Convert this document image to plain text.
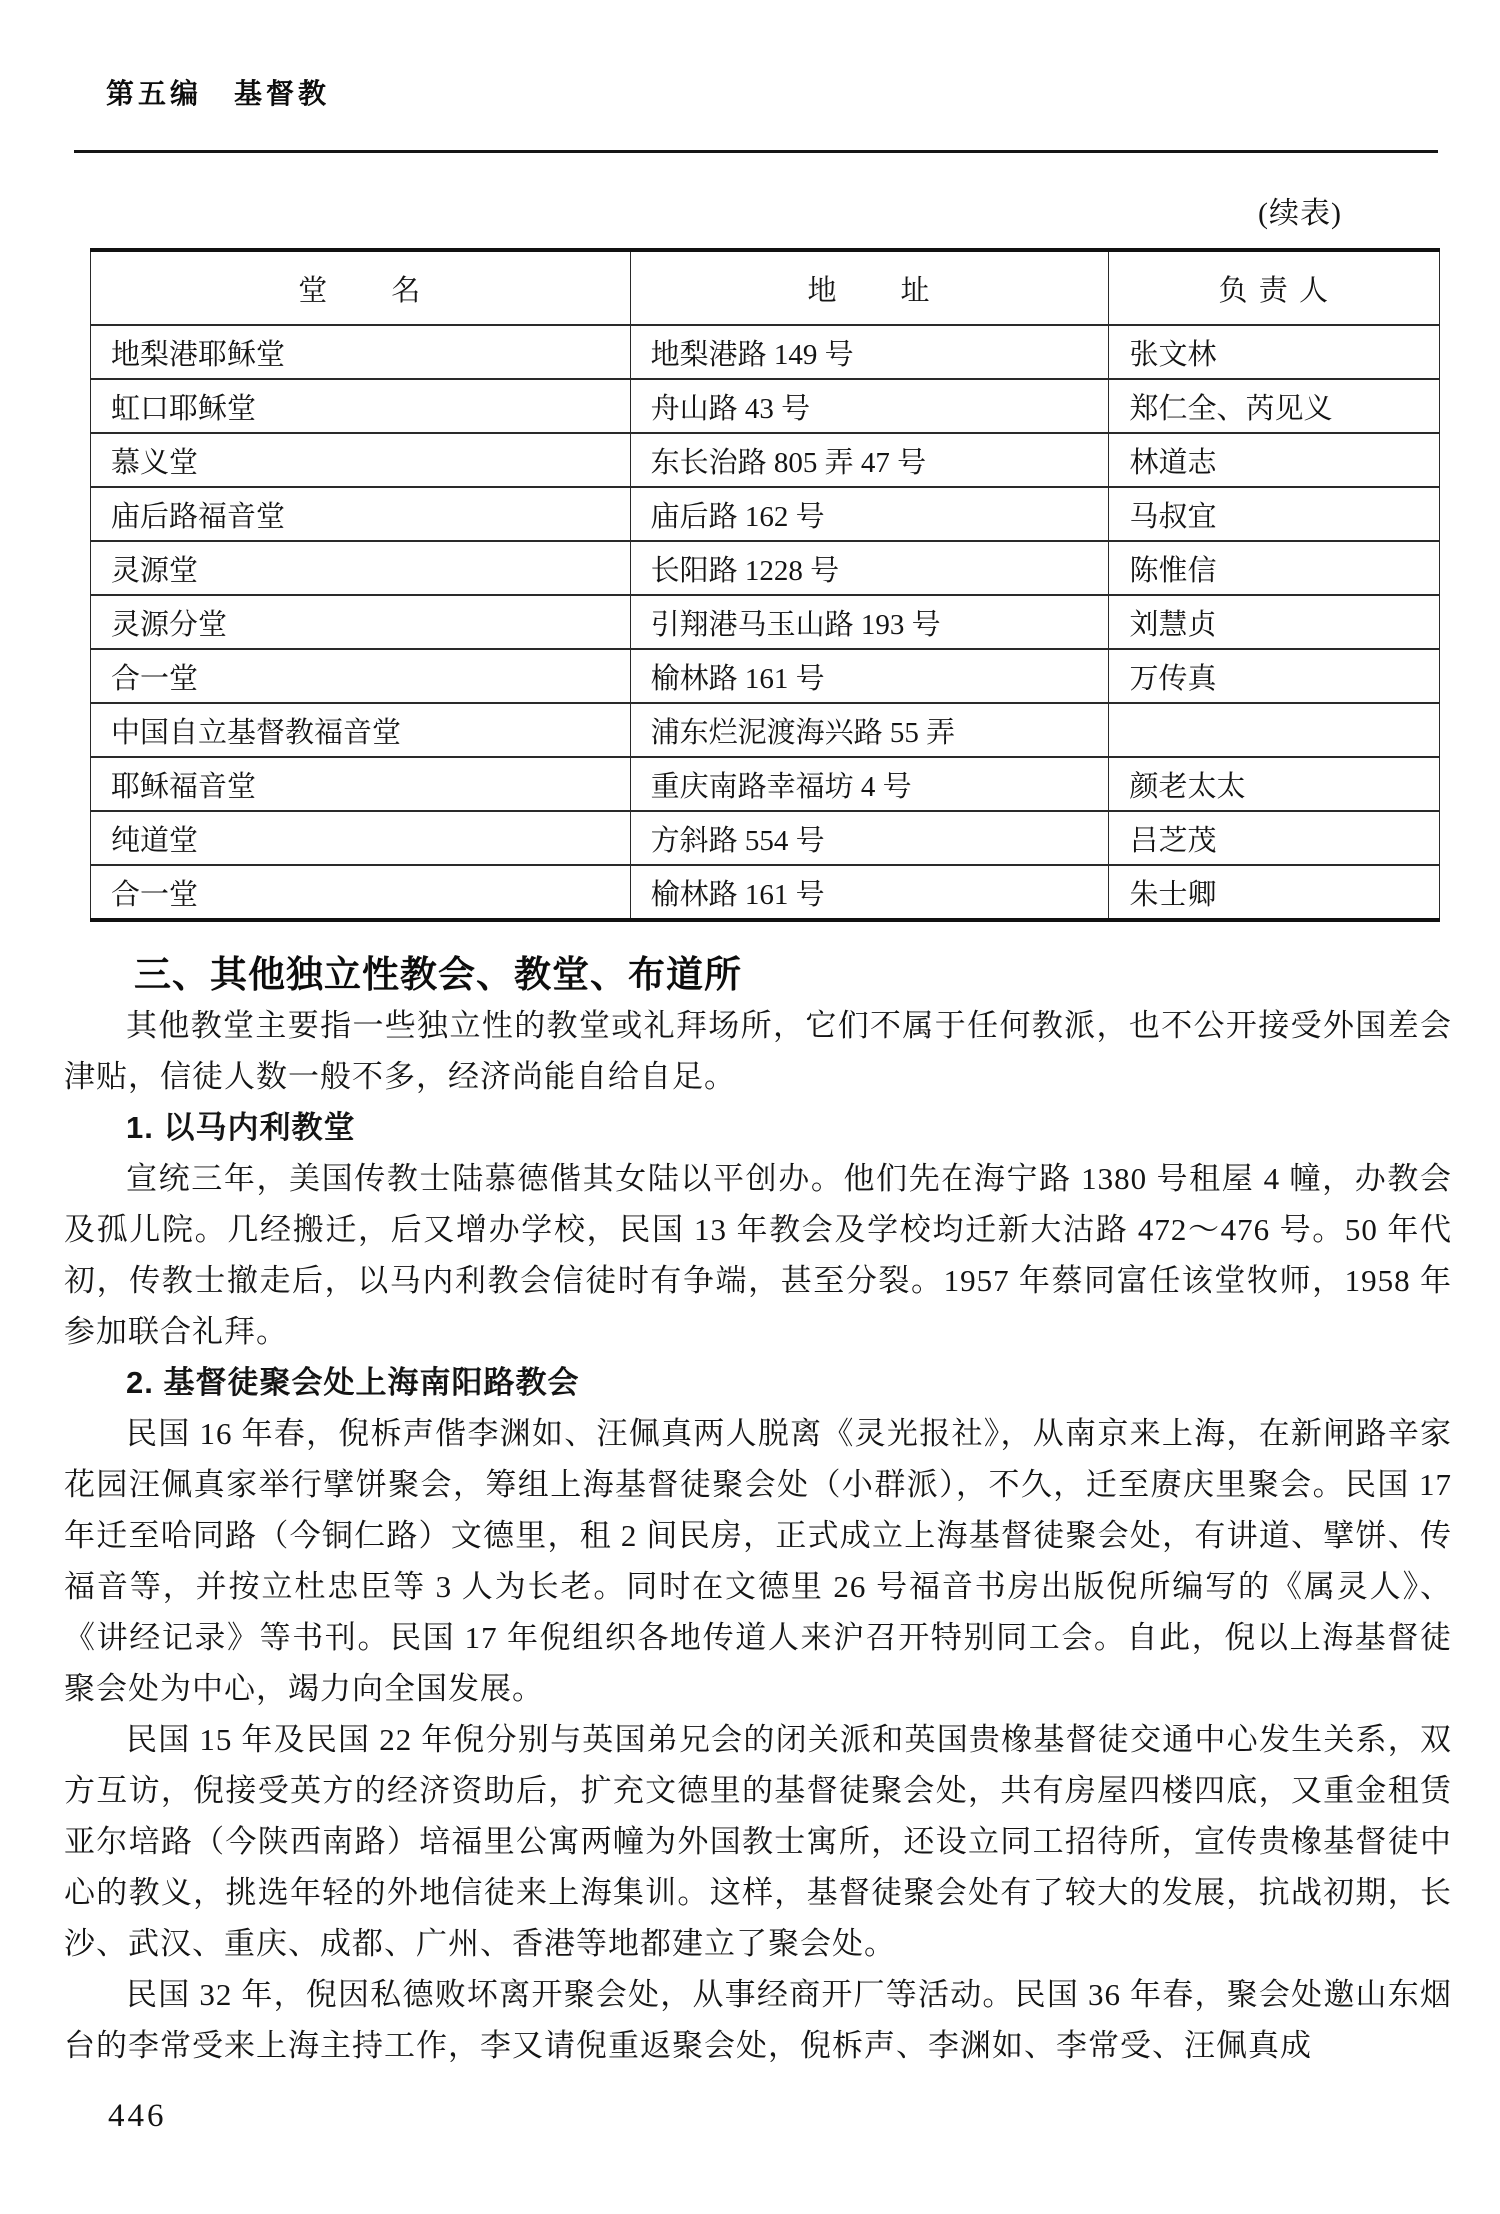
第五编　基督教
(续表)
堂　　名	地　　址	负 责 人
地梨港耶稣堂	地梨港路 149 号	张文林
虹口耶稣堂	舟山路 43 号	郑仁全、芮见义
慕义堂	东长治路 805 弄 47 号	林道志
庙后路福音堂	庙后路 162 号	马叔宜
灵源堂	长阳路 1228 号	陈惟信
灵源分堂	引翔港马玉山路 193 号	刘慧贞
合一堂	榆林路 161 号	万传真
中国自立基督教福音堂	浦东烂泥渡海兴路 55 弄	
耶稣福音堂	重庆南路幸福坊 4 号	颜老太太
纯道堂	方斜路 554 号	吕芝茂
合一堂	榆林路 161 号	朱士卿
三、其他独立性教会、教堂、布道所

其他教堂主要指一些独立性的教堂或礼拜场所，它们不属于任何教派，也不公开接受外国差会津贴，信徒人数一般不多，经济尚能自给自足。

1. 以马内利教堂

宣统三年，美国传教士陆慕德偕其女陆以平创办。他们先在海宁路 1380 号租屋 4 幢，办教会及孤儿院。几经搬迁，后又增办学校，民国 13 年教会及学校均迁新大沽路 472～476 号。50 年代初，传教士撤走后，以马内利教会信徒时有争端，甚至分裂。1957 年蔡同富任该堂牧师，1958 年参加联合礼拜。

2. 基督徒聚会处上海南阳路教会

民国 16 年春，倪柝声偕李渊如、汪佩真两人脱离《灵光报社》，从南京来上海，在新闸路辛家花园汪佩真家举行擘饼聚会，筹组上海基督徒聚会处（小群派），不久，迁至赓庆里聚会。民国 17 年迁至哈同路（今铜仁路）文德里，租 2 间民房，正式成立上海基督徒聚会处，有讲道、擘饼、传福音等，并按立杜忠臣等 3 人为长老。同时在文德里 26 号福音书房出版倪所编写的《属灵人》、《讲经记录》等书刊。民国 17 年倪组织各地传道人来沪召开特别同工会。自此，倪以上海基督徒聚会处为中心，竭力向全国发展。

民国 15 年及民国 22 年倪分别与英国弟兄会的闭关派和英国贵橡基督徒交通中心发生关系，双方互访，倪接受英方的经济资助后，扩充文德里的基督徒聚会处，共有房屋四楼四底，又重金租赁亚尔培路（今陕西南路）培福里公寓两幢为外国教士寓所，还设立同工招待所，宣传贵橡基督徒中心的教义，挑选年轻的外地信徒来上海集训。这样，基督徒聚会处有了较大的发展，抗战初期，长沙、武汉、重庆、成都、广州、香港等地都建立了聚会处。

民国 32 年，倪因私德败坏离开聚会处，从事经商开厂等活动。民国 36 年春，聚会处邀山东烟台的李常受来上海主持工作，李又请倪重返聚会处，倪柝声、李渊如、李常受、汪佩真成

446
